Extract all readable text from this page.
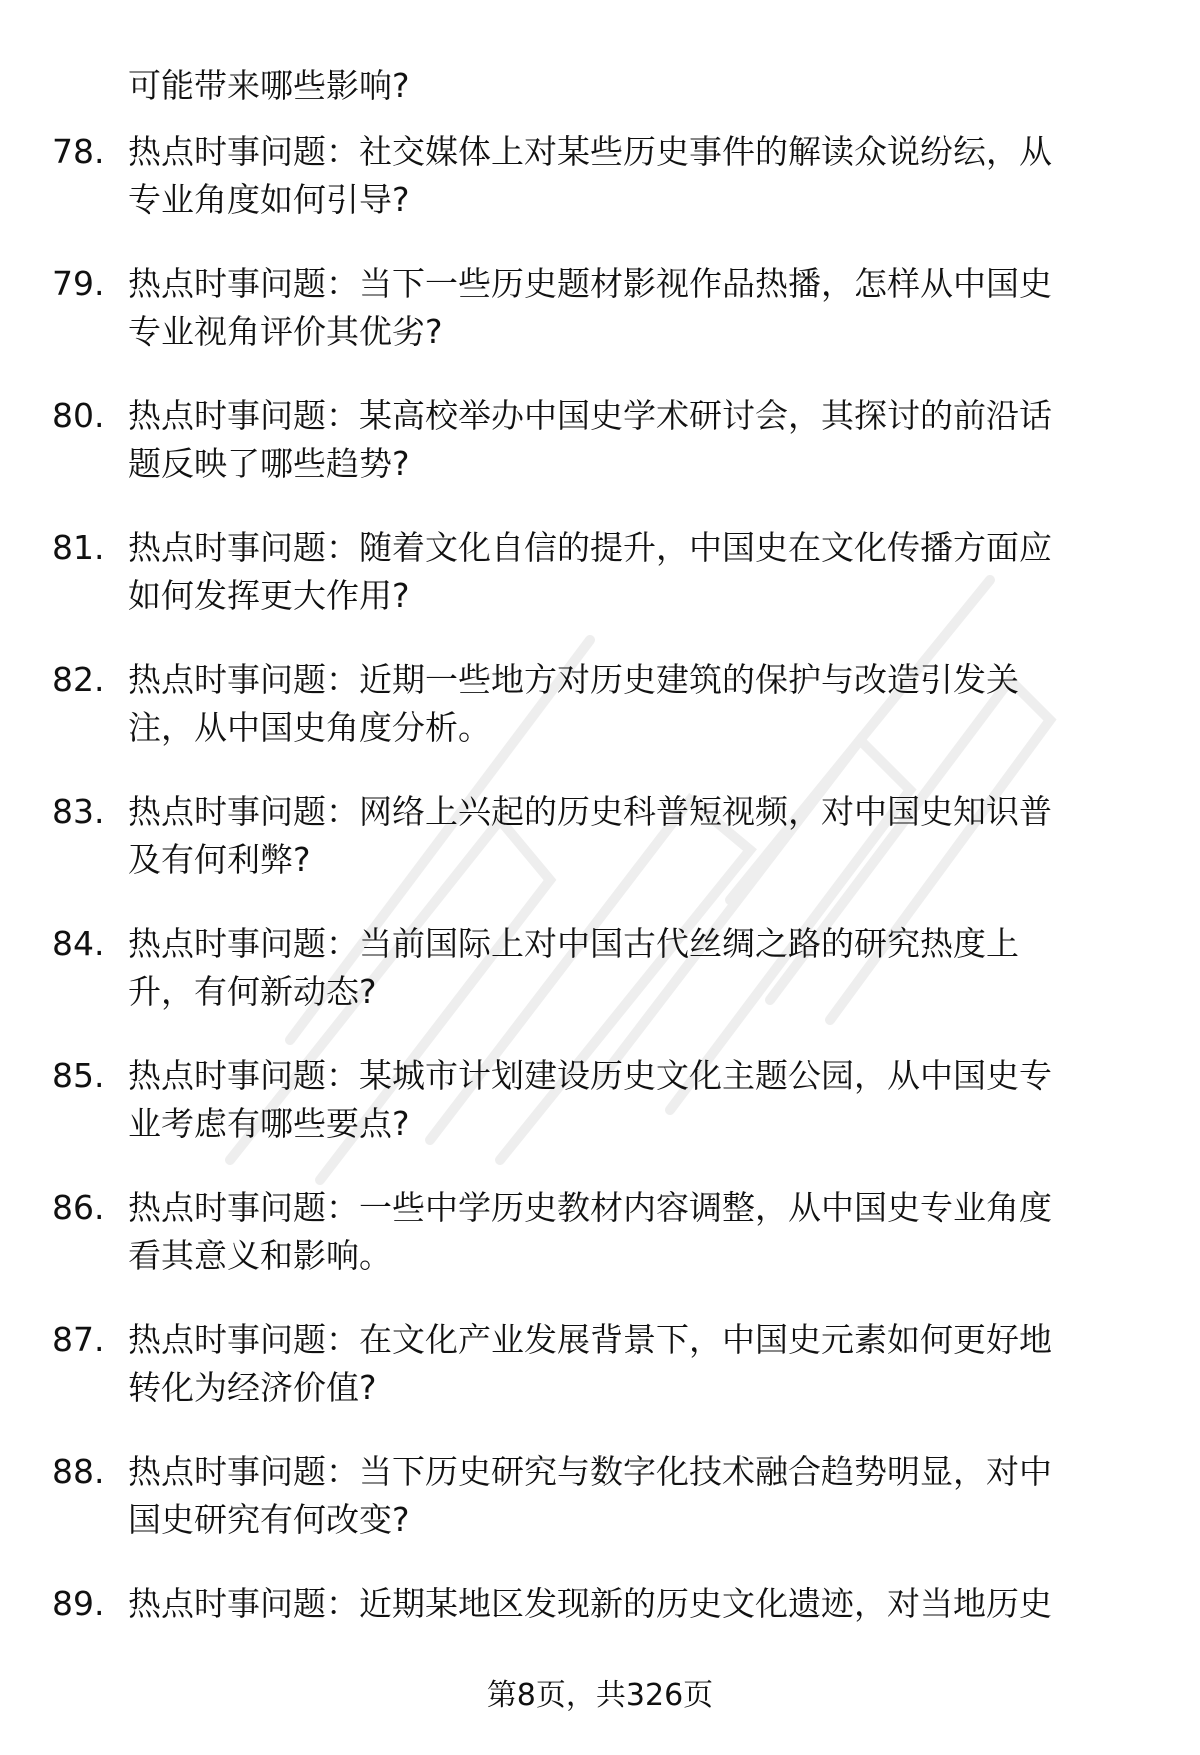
可能带来哪些影响?
78. 热点时事问题：社交媒体上对某些历史事件的解读众说纷纭，从
专业角度如何引导?
79. 热点时事问题：当下一些历史题材影视作品热播，怎样从中国史
专业视角评价其优劣?
80. 热点时事问题：某高校举办中国史学术研讨会，其探讨的前沿话
题反映了哪些趋势?
81. 热点时事问题：随着文化自信的提升，中国史在文化传播方面应
如何发挥更大作用?
82. 热点时事问题：近期一些地方对历史建筑的保护与改造引发关
注，从中国史角度分析。
83. 热点时事问题：网络上兴起的历史科普短视频，对中国史知识普
及有何利弊?
84. 热点时事问题：当前国际上对中国古代丝绸之路的研究热度上
升，有何新动态?
85. 热点时事问题：某城市计划建设历史文化主题公园，从中国史专
业考虑有哪些要点?
86. 热点时事问题：一些中学历史教材内容调整，从中国史专业角度
看其意义和影响。
87. 热点时事问题：在文化产业发展背景下，中国史元素如何更好地
转化为经济价值?
88. 热点时事问题：当下历史研究与数字化技术融合趋势明显，对中
国史研究有何改变?
89. 热点时事问题：近期某地区发现新的历史文化遗迹，对当地历史
第8页，共326页
